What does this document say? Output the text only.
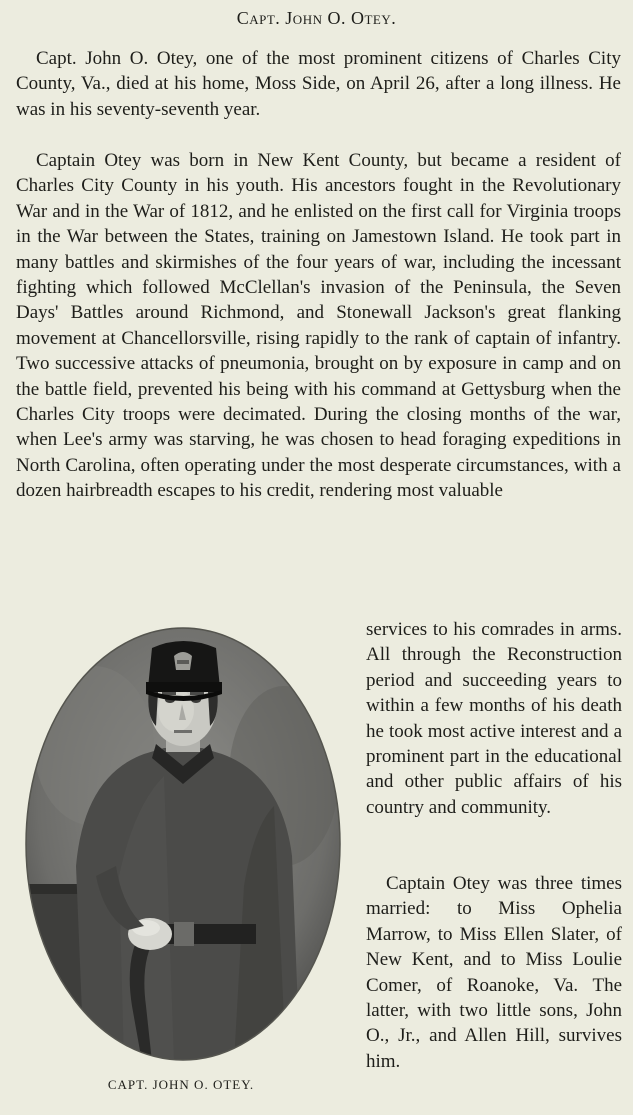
Capt. John O. Otey.

Capt. John O. Otey, one of the most prominent citizens of Charles City County, Va., died at his home, Moss Side, on April 26, after a long illness. He was in his seventy-seventh year.

Captain Otey was born in New Kent County, but became a resident of Charles City County in his youth. His ancestors fought in the Revolutionary War and in the War of 1812, and he enlisted on the first call for Virginia troops in the War between the States, training on Jamestown Island. He took part in many battles and skirmishes of the four years of war, including the incessant fighting which followed McClellan's invasion of the Peninsula, the Seven Days' Battles around Richmond, and Stonewall Jackson's great flanking movement at Chancellorsville, rising rapidly to the rank of captain of infantry. Two successive attacks of pneumonia, brought on by exposure in camp and on the battle field, prevented his being with his command at Gettysburg when the Charles City troops were decimated. During the closing months of the war, when Lee's army was starving, he was chosen to head foraging expeditions in North Carolina, often operating under the most desperate circumstances, with a dozen hairbreadth escapes to his credit, rendering most valuable

CAPT. JOHN O. OTEY.

services to his comrades in arms. All through the Reconstruction period and succeeding years to within a few months of his death he took most active interest and a prominent part in the educational and other public affairs of his country and community.

Captain Otey was three times married: to Miss Ophelia Marrow, to Miss Ellen Slater, of New Kent, and to Miss Loulie Comer, of Roanoke, Va. The latter, with two little sons, John O., Jr., and Allen Hill, survives him.
